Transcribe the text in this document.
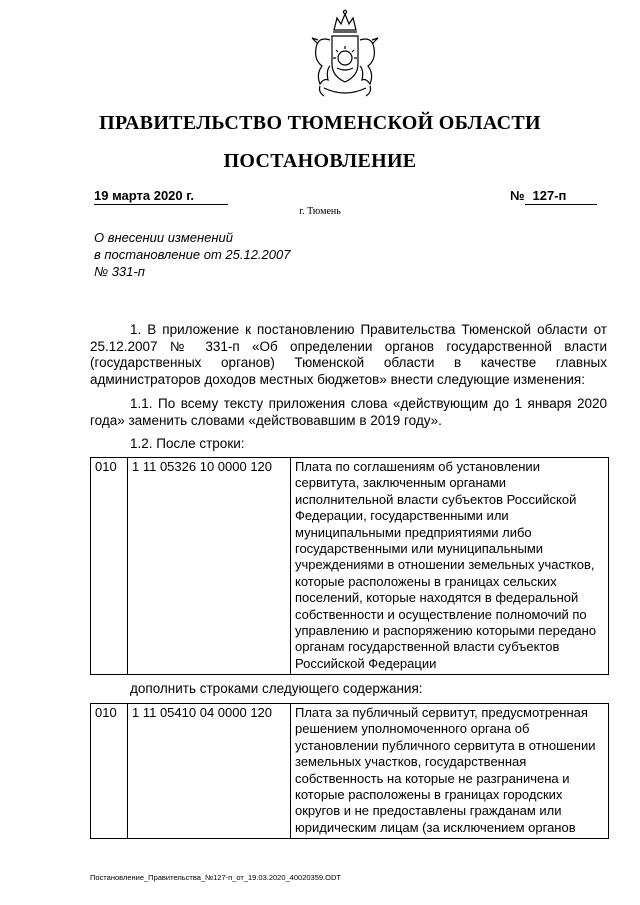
ПРАВИТЕЛЬСТВО ТЮМЕНСКОЙ ОБЛАСТИ
ПОСТАНОВЛЕНИЕ
19 марта 2020 г.	№ 127-п
г. Тюмень
О внесении изменений
в постановление от 25.12.2007
№ 331-п
1. В приложение к постановлению Правительства Тюменской области от 25.12.2007 № 331-п «Об определении органов государственной власти (государственных органов) Тюменской области в качестве главных администраторов доходов местных бюджетов» внести следующие изменения:
1.1. По всему тексту приложения слова «действующим до 1 января 2020 года» заменить словами «действовавшим в 2019 году».
1.2. После строки:
010	1 11 05326 10 0000 120	Плата по соглашениям об установлении сервитута, заключенным органами исполнительной власти субъектов Российской Федерации, государственными или муниципальными предприятиями либо государственными или муниципальными учреждениями в отношении земельных участков, которые расположены в границах сельских поселений, которые находятся в федеральной собственности и осуществление полномочий по управлению и распоряжению которыми передано органам государственной власти субъектов Российской Федерации
дополнить строками следующего содержания:
010	1 11 05410 04 0000 120	Плата за публичный сервитут, предусмотренная решением уполномоченного органа об установлении публичного сервитута в отношении земельных участков, государственная собственность на которые не разграничена и которые расположены в границах городских округов и не предоставлены гражданам или юридическим лицам (за исключением органов
Постановление_Правительства_№127-п_от_19.03.2020_40020359.ODT
